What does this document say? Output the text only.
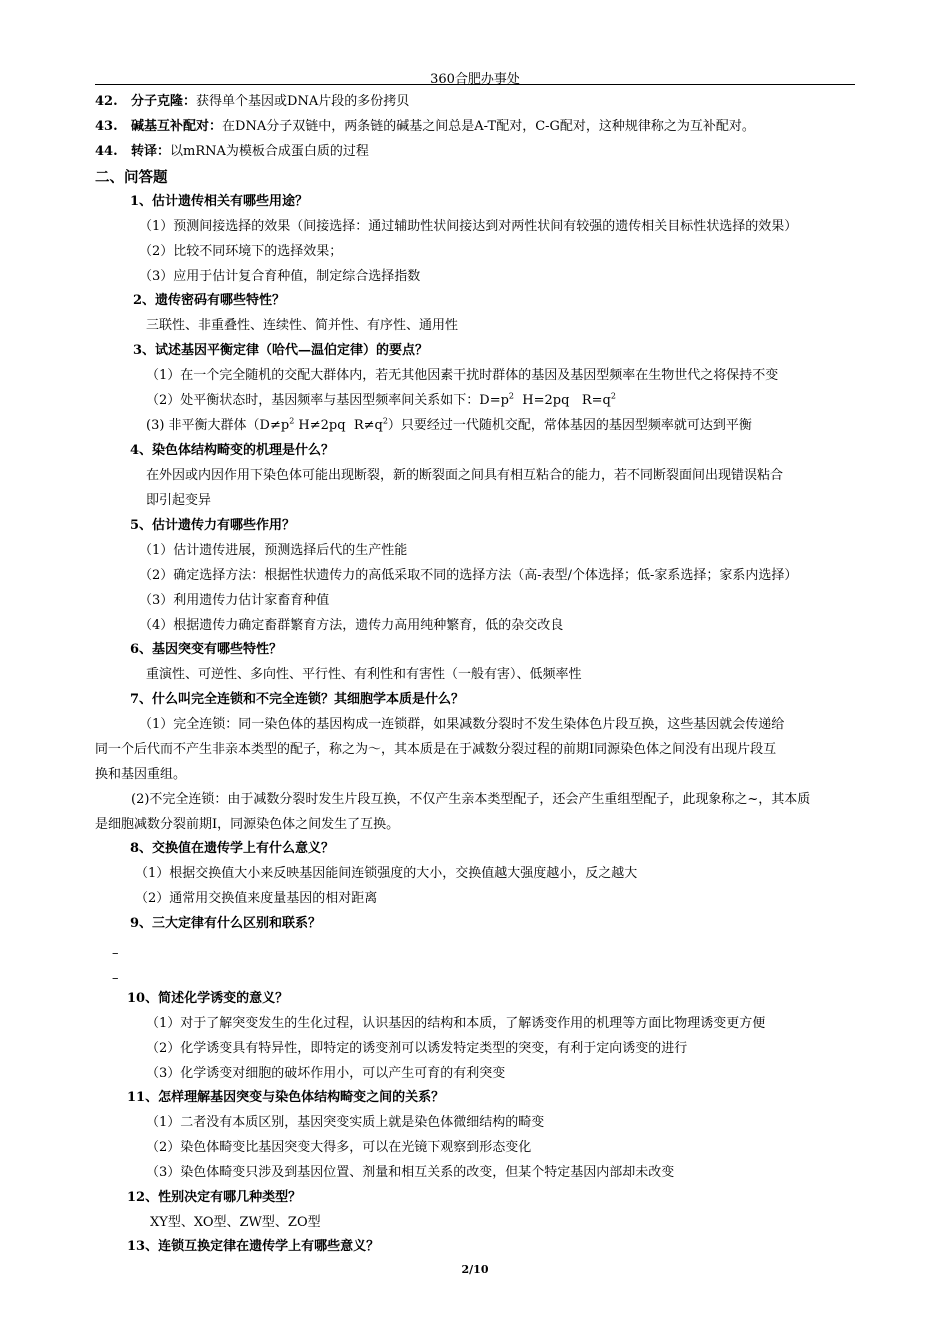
360合肥办事处
42. 分子克隆：获得单个基因或DNA片段的多份拷贝
43. 碱基互补配对：在DNA分子双链中，两条链的碱基之间总是A-T配对，C-G配对，这种规律称之为互补配对。
44. 转译：以mRNA为模板合成蛋白质的过程
二、问答题
1、估计遗传相关有哪些用途？
（1）预测间接选择的效果（间接选择：通过辅助性状间接达到对两性状间有较强的遗传相关目标性状选择的效果）
（2）比较不同环境下的选择效果；
（3）应用于估计复合育种值，制定综合选择指数
2、遗传密码有哪些特性？
三联性、非重叠性、连续性、简并性、有序性、通用性
3、试述基因平衡定律（哈代—温伯定律）的要点？
（1）在一个完全随机的交配大群体内，若无其他因素干扰时群体的基因及基因型频率在生物世代之将保持不变
（2）处平衡状态时，基因频率与基因型频率间关系如下：$D=p^2$  H=2pq   $R=q^2$
(3) 非平衡大群体（$D\ne p^2$ H≠2pq  $R\ne q^2$）只要经过一代随机交配，常体基因的基因型频率就可达到平衡
4、染色体结构畸变的机理是什么？
在外因或内因作用下染色体可能出现断裂，新的断裂面之间具有相互粘合的能力，若不同断裂面间出现错误粘合
即引起变异
5、估计遗传力有哪些作用？
（1）估计遗传进展，预测选择后代的生产性能
（2）确定选择方法：根据性状遗传力的高低采取不同的选择方法（高-表型/个体选择；低-家系选择；家系内选择）
（3）利用遗传力估计家畜育种值
（4）根据遗传力确定畜群繁育方法，遗传力高用纯种繁育，低的杂交改良
6、基因突变有哪些特性？
重演性、可逆性、多向性、平行性、有利性和有害性（一般有害）、低频率性
7、什么叫完全连锁和不完全连锁？其细胞学本质是什么？
（1）完全连锁：同一染色体的基因构成一连锁群，如果减数分裂时不发生染体色片段互换，这些基因就会传递给
同一个后代而不产生非亲本类型的配子，称之为～，其本质是在于减数分裂过程的前期Ⅰ同源染色体之间没有出现片段互
换和基因重组。
(2)不完全连锁：由于减数分裂时发生片段互换，不仅产生亲本类型配子，还会产生重组型配子，此现象称之~，其本质
是细胞减数分裂前期Ⅰ，同源染色体之间发生了互换。
8、交换值在遗传学上有什么意义？
（1）根据交换值大小来反映基因能间连锁强度的大小，交换值越大强度越小，反之越大
（2）通常用交换值来度量基因的相对距离
9、三大定律有什么区别和联系？
–
–
10、简述化学诱变的意义？
（1）对于了解突变发生的生化过程，认识基因的结构和本质，了解诱变作用的机理等方面比物理诱变更方便
（2）化学诱变具有特异性，即特定的诱变剂可以诱发特定类型的突变，有利于定向诱变的进行
（3）化学诱变对细胞的破坏作用小，可以产生可育的有利突变
11、怎样理解基因突变与染色体结构畸变之间的关系？
（1）二者没有本质区别，基因突变实质上就是染色体微细结构的畸变
（2）染色体畸变比基因突变大得多，可以在光镜下观察到形态变化
（3）染色体畸变只涉及到基因位置、剂量和相互关系的改变，但某个特定基因内部却未改变
12、性别决定有哪几种类型？
XY型、XO型、ZW型、ZO型
13、连锁互换定律在遗传学上有哪些意义？
2/10
